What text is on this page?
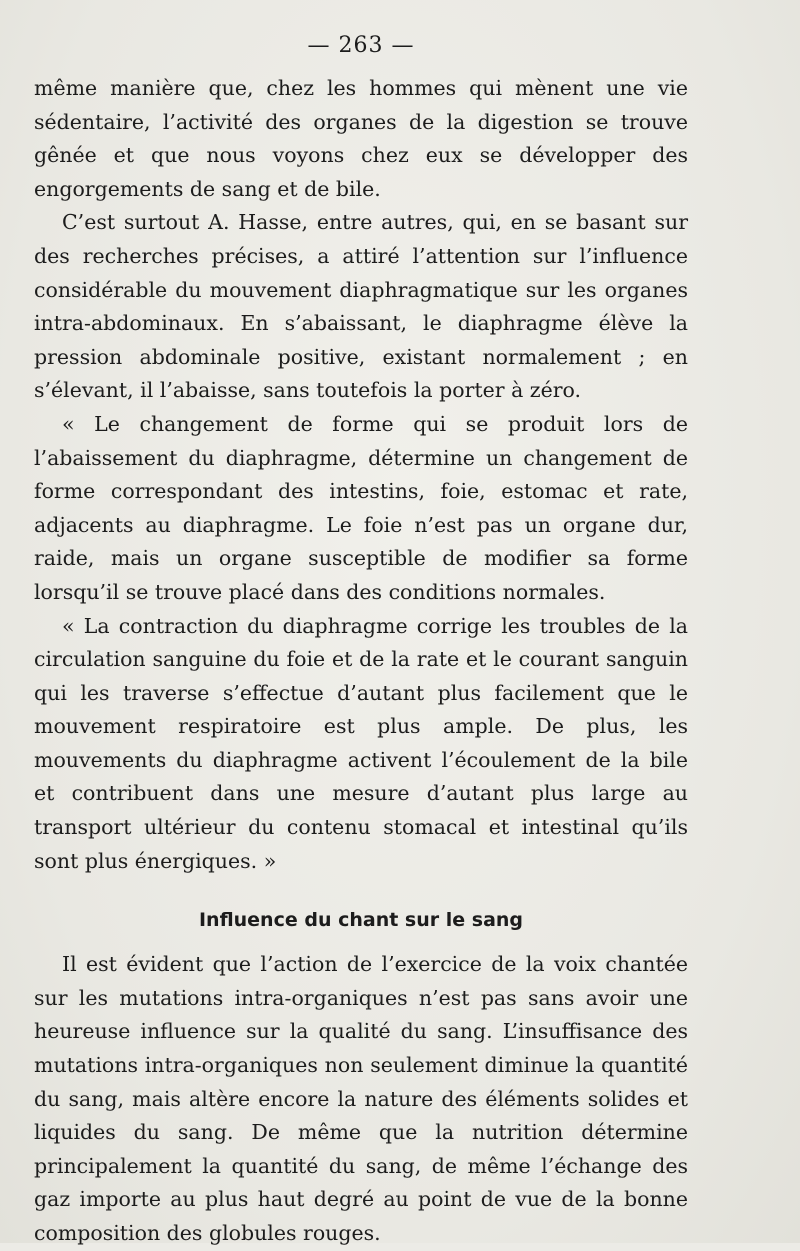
— 263 —

même manière que, chez les hommes qui mènent une vie sédentaire, l’activité des organes de la digestion se trouve gênée et que nous voyons chez eux se développer des engorgements de sang et de bile.

C’est surtout A. Hasse, entre autres, qui, en se basant sur des recherches précises, a attiré l’attention sur l’influence considérable du mouvement diaphragmatique sur les organes intra-abdominaux. En s’abaissant, le diaphragme élève la pression abdominale positive, existant normalement ; en s’élevant, il l’abaisse, sans toutefois la porter à zéro.

« Le changement de forme qui se produit lors de l’abaissement du diaphragme, détermine un changement de forme correspondant des intestins, foie, estomac et rate, adjacents au diaphragme. Le foie n’est pas un organe dur, raide, mais un organe susceptible de modifier sa forme lorsqu’il se trouve placé dans des conditions normales.

« La contraction du diaphragme corrige les troubles de la circulation sanguine du foie et de la rate et le courant sanguin qui les traverse s’effectue d’autant plus facilement que le mouvement respiratoire est plus ample. De plus, les mouvements du diaphragme activent l’écoulement de la bile et contribuent dans une mesure d’autant plus large au transport ultérieur du contenu stomacal et intestinal qu’ils sont plus énergiques. »

Influence du chant sur le sang

Il est évident que l’action de l’exercice de la voix chantée sur les mutations intra-organiques n’est pas sans avoir une heureuse influence sur la qualité du sang. L’insuffisance des mutations intra-organiques non seulement diminue la quantité du sang, mais altère encore la nature des éléments solides et liquides du sang. De même que la nutrition détermine principalement la quantité du sang, de même l’échange des gaz importe au plus haut degré au point de vue de la bonne composition des globules rouges.
